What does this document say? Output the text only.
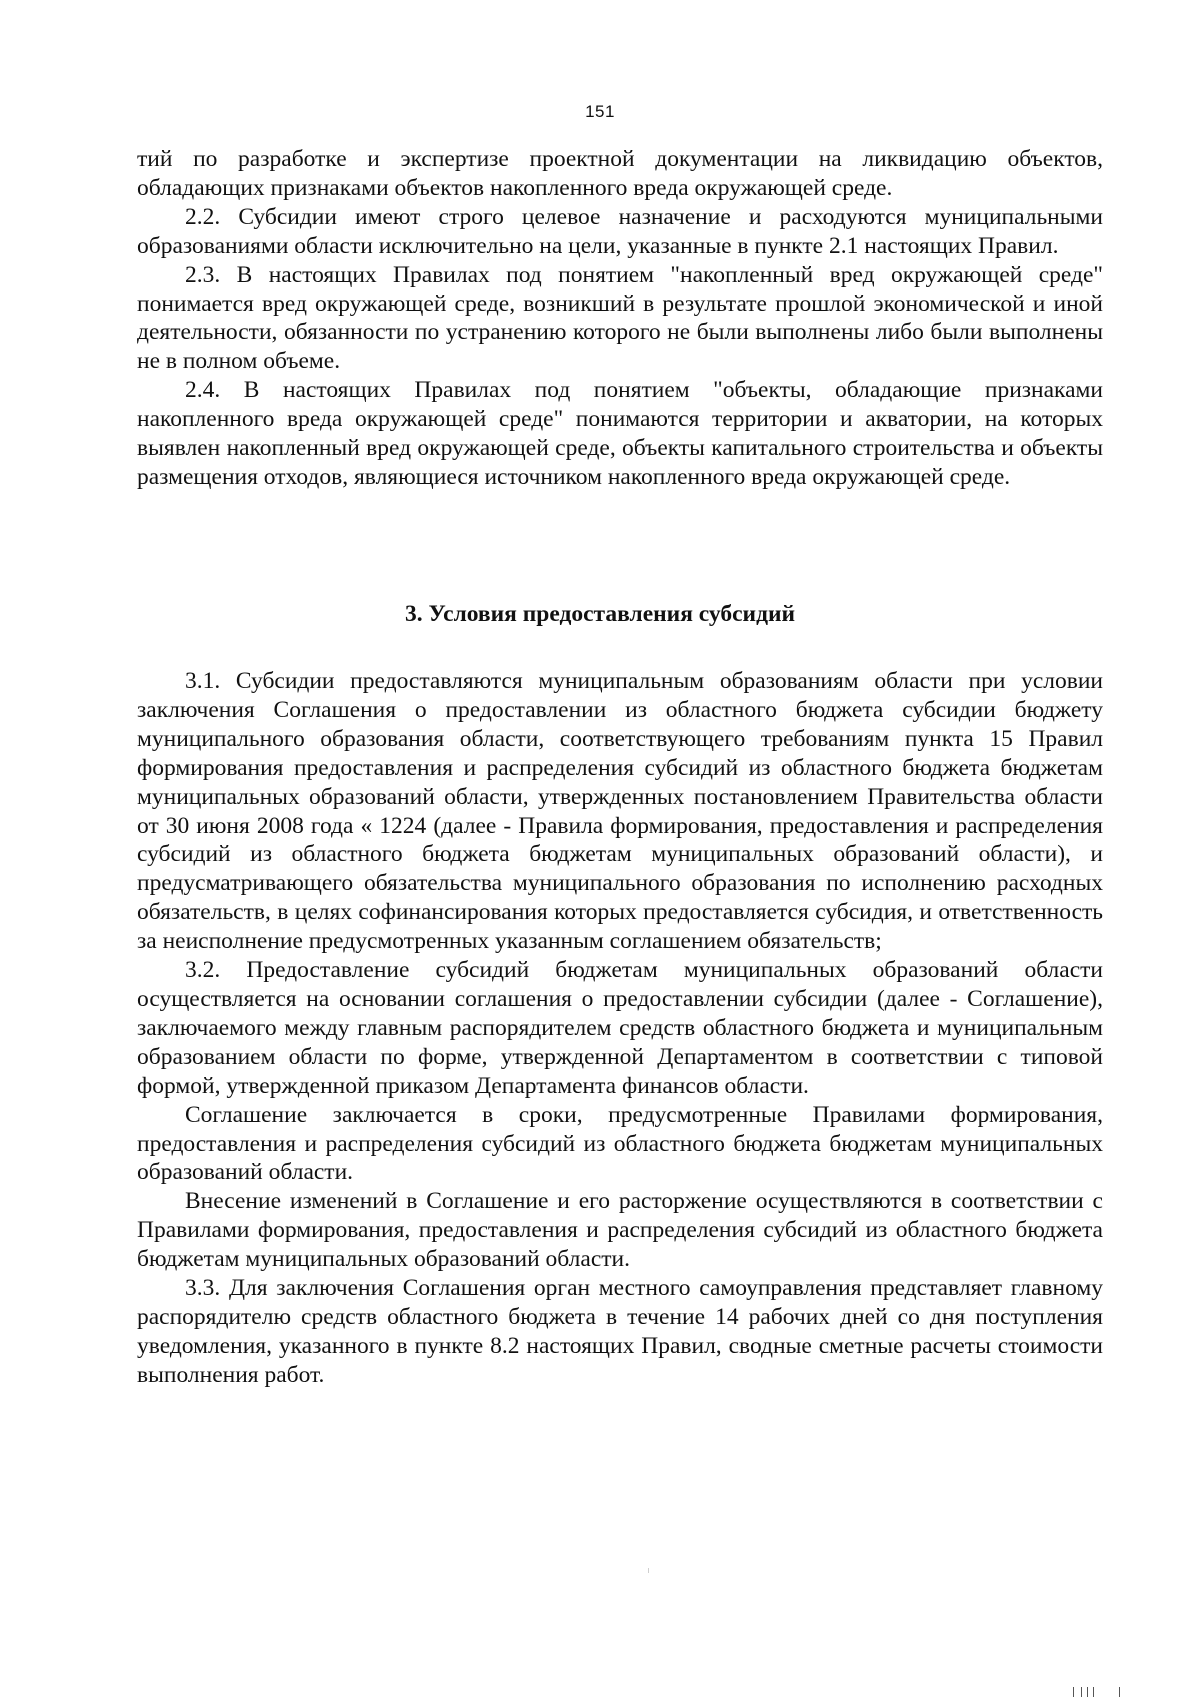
151

тий по разработке и экспертизе проектной документации на ликвидацию объектов, обладающих признаками объектов накопленного вреда окружающей среде.

2.2. Субсидии имеют строго целевое назначение и расходуются муниципальными образованиями области исключительно на цели, указанные в пункте 2.1 настоящих Правил.

2.3. В настоящих Правилах под понятием "накопленный вред окружающей среде" понимается вред окружающей среде, возникший в результате прошлой экономической и иной деятельности, обязанности по устранению которого не были выполнены либо были выполнены не в полном объеме.

2.4. В настоящих Правилах под понятием "объекты, обладающие признаками накопленного вреда окружающей среде" понимаются территории и акватории, на которых выявлен накопленный вред окружающей среде, объекты капитального строительства и объекты размещения отходов, являющиеся источником накопленного вреда окружающей среде.

3. Условия предоставления субсидий

3.1. Субсидии предоставляются муниципальным образованиям области при условии заключения Соглашения о предоставлении из областного бюджета субсидии бюджету муниципального образования области, соответствующего требованиям пункта 15 Правил формирования предоставления и распределения субсидий из областного бюджета бюджетам муниципальных образований области, утвержденных постановлением Правительства области от 30 июня 2008 года « 1224 (далее - Правила формирования, предоставления и распределения субсидий из областного бюджета бюджетам муниципальных образований области), и предусматривающего обязательства муниципального образования по исполнению расходных обязательств, в целях софинансирования которых предоставляется субсидия, и ответственность за неисполнение предусмотренных указанным соглашением обязательств;

3.2. Предоставление субсидий бюджетам муниципальных образований области осуществляется на основании соглашения о предоставлении субсидии (далее - Соглашение), заключаемого между главным распорядителем средств областного бюджета и муниципальным образованием области по форме, утвержденной Департаментом в соответствии с типовой формой, утвержденной приказом Департамента финансов области.

Соглашение заключается в сроки, предусмотренные Правилами формирования, предоставления и распределения субсидий из областного бюджета бюджетам муниципальных образований области.

Внесение изменений в Соглашение и его расторжение осуществляются в соответствии с Правилами формирования, предоставления и распределения субсидий из областного бюджета бюджетам муниципальных образований области.

3.3. Для заключения Соглашения орган местного самоуправления представляет главному распорядителю средств областного бюджета в течение 14 рабочих дней со дня поступления уведомления, указанного в пункте 8.2 настоящих Правил, сводные сметные расчеты стоимости выполнения работ.
